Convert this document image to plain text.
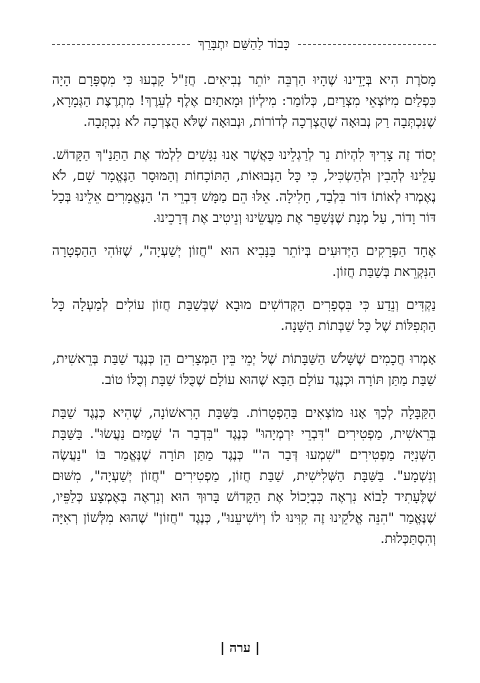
כָּבוֹד לַהַשֵּׁם יִתְבָּרֵךְ

מָסֹרֶת הִיא בְּיָדֵינוּ שֶׁהָיוּ הַרְבֵּה יוֹתֵר נְבִיאִים. חֲזַ"ל קָבְעוּ כִּי מִסְפָּרָם הָיָה כִּפְלַיִם מִיּוֹצְאֵי מִצְרַיִם, כְּלוֹמַר: מִילְיוֹן וּמָאתַיִם אֶלֶף לְעֵרֶךְ! מִתְרֶצֶת הַגְּמָרָא, שֶׁנִּכְתְּבָה רַק נְבוּאָה שֶׁהֻצְרְכָה לְדוֹרוֹת, וּנְבוּאָה שֶׁלֹּא הֻצְרְכָה לֹא נִכְתְּבָה.

יְסוֹד זֶה צָרִיךְ לִהְיוֹת נֵר לְרַגְלֵינוּ כַּאֲשֶׁר אָנוּ נִגָּשִׁים לִלְמֹד אֶת הַתַּנַ"ךְ הַקָּדוֹשׁ. עָלֵינוּ לְהָבִין וּלְהַשְׂכִּיל, כִּי כָּל הַנְּבוּאוֹת, הַתּוֹכָחוֹת וְהַמּוּסָר הַנֶּאֱמָר שָׁם, לֹא נֶאֶמְרוּ לְאוֹתוֹ דּוֹר בִּלְבַד, חָלִילָה. אֵלּוּ הֵם מַמָּשׁ דִּבְרֵי ה' הַנֶּאֱמָרִים אֵלֵינוּ בְּכָל דּוֹר וָדוֹר, עַל מְנָת שֶׁנְּשַׁפֵּר אֶת מַעֲשֵׂינוּ וְנֵיטִיב אֶת דְּרָכֵינוּ.

אֶחָד הַפְּרָקִים הַיְּדוּעִים בְּיוֹתֵר בַּנָּבִיא הוּא "חֲזוֹן יְשַׁעְיָה", שֶׁזּוֹהִי הַהַפְטָרָה הַנִּקְרֵאת בְּשַׁבַּת חֲזוֹן.

נַקְדִּים וְנֵדַע כִּי בִּסְפָרִים הַקְּדוֹשִׁים מוּבָא שֶׁבְּשַׁבַּת חֲזוֹן עוֹלִים לְמַעְלָה כָּל הַתְּפִלּוֹת שֶׁל כָּל שַׁבְּתוֹת הַשָּׁנָה.

אָמְרוּ חֲכָמִים שֶׁשָּׁלֹשׁ הַשַּׁבָּתוֹת שֶׁל יְמֵי בֵּין הַמְּצָרִים הֵן כְּנֶגֶד שַׁבַּת בְּרֵאשִׁית, שַׁבַּת מַתַּן תּוֹרָה וּכְנֶגֶד עוֹלָם הַבָּא שֶׁהוּא עוֹלָם שֶׁכֻּלּוֹ שַׁבָּת וְכֻלּוֹ טוֹב.

הַקַּבָּלָה לְכָךְ אָנוּ מוֹצְאִים בַּהַפְטָרוֹת. בַּשַּׁבָּת הָרִאשׁוֹנָה, שֶׁהִיא כְּנֶגֶד שַׁבַּת בְּרֵאשִׁית, מַפְטִירִים "דִּבְרֵי יִרְמְיָהוּ" כְּנֶגֶד "בִּדְבַר ה' שָׁמַיִם נַעֲשׂוּ". בַּשַּׁבָּת הַשְּׁנִיָּה מַפְטִירִים "שִׁמְעוּ דְּבַר ה'" כְּנֶגֶד מַתַּן תּוֹרָה שֶׁנֶּאֱמַר בּוֹ "נַעֲשֶׂה וְנִשְׁמָע". בַּשַּׁבָּת הַשְּׁלִישִׁית, שַׁבַּת חֲזוֹן, מַפְטִירִים "חֲזוֹן יְשַׁעְיָה", מִשּׁוּם שֶׁלֶּעָתִיד לָבוֹא נִרְאֶה כִּבְיָכוֹל אֶת הַקָּדוֹשׁ בָּרוּךְ הוּא וְנִרְאֶה בְּאֶמְצָע כְּלַפֵּיו, שֶׁנֶּאֱמַר "הִנֵּה אֱלֹקֵינוּ זֶה קִוִּינוּ לוֹ וְיוֹשִׁיעֵנוּ", כְּנֶגֶד "חֲזוֹן" שֶׁהוּא מִלְּשׁוֹן רְאִיָּה וְהִסְתַּכְּלוּת.

| ערה |
